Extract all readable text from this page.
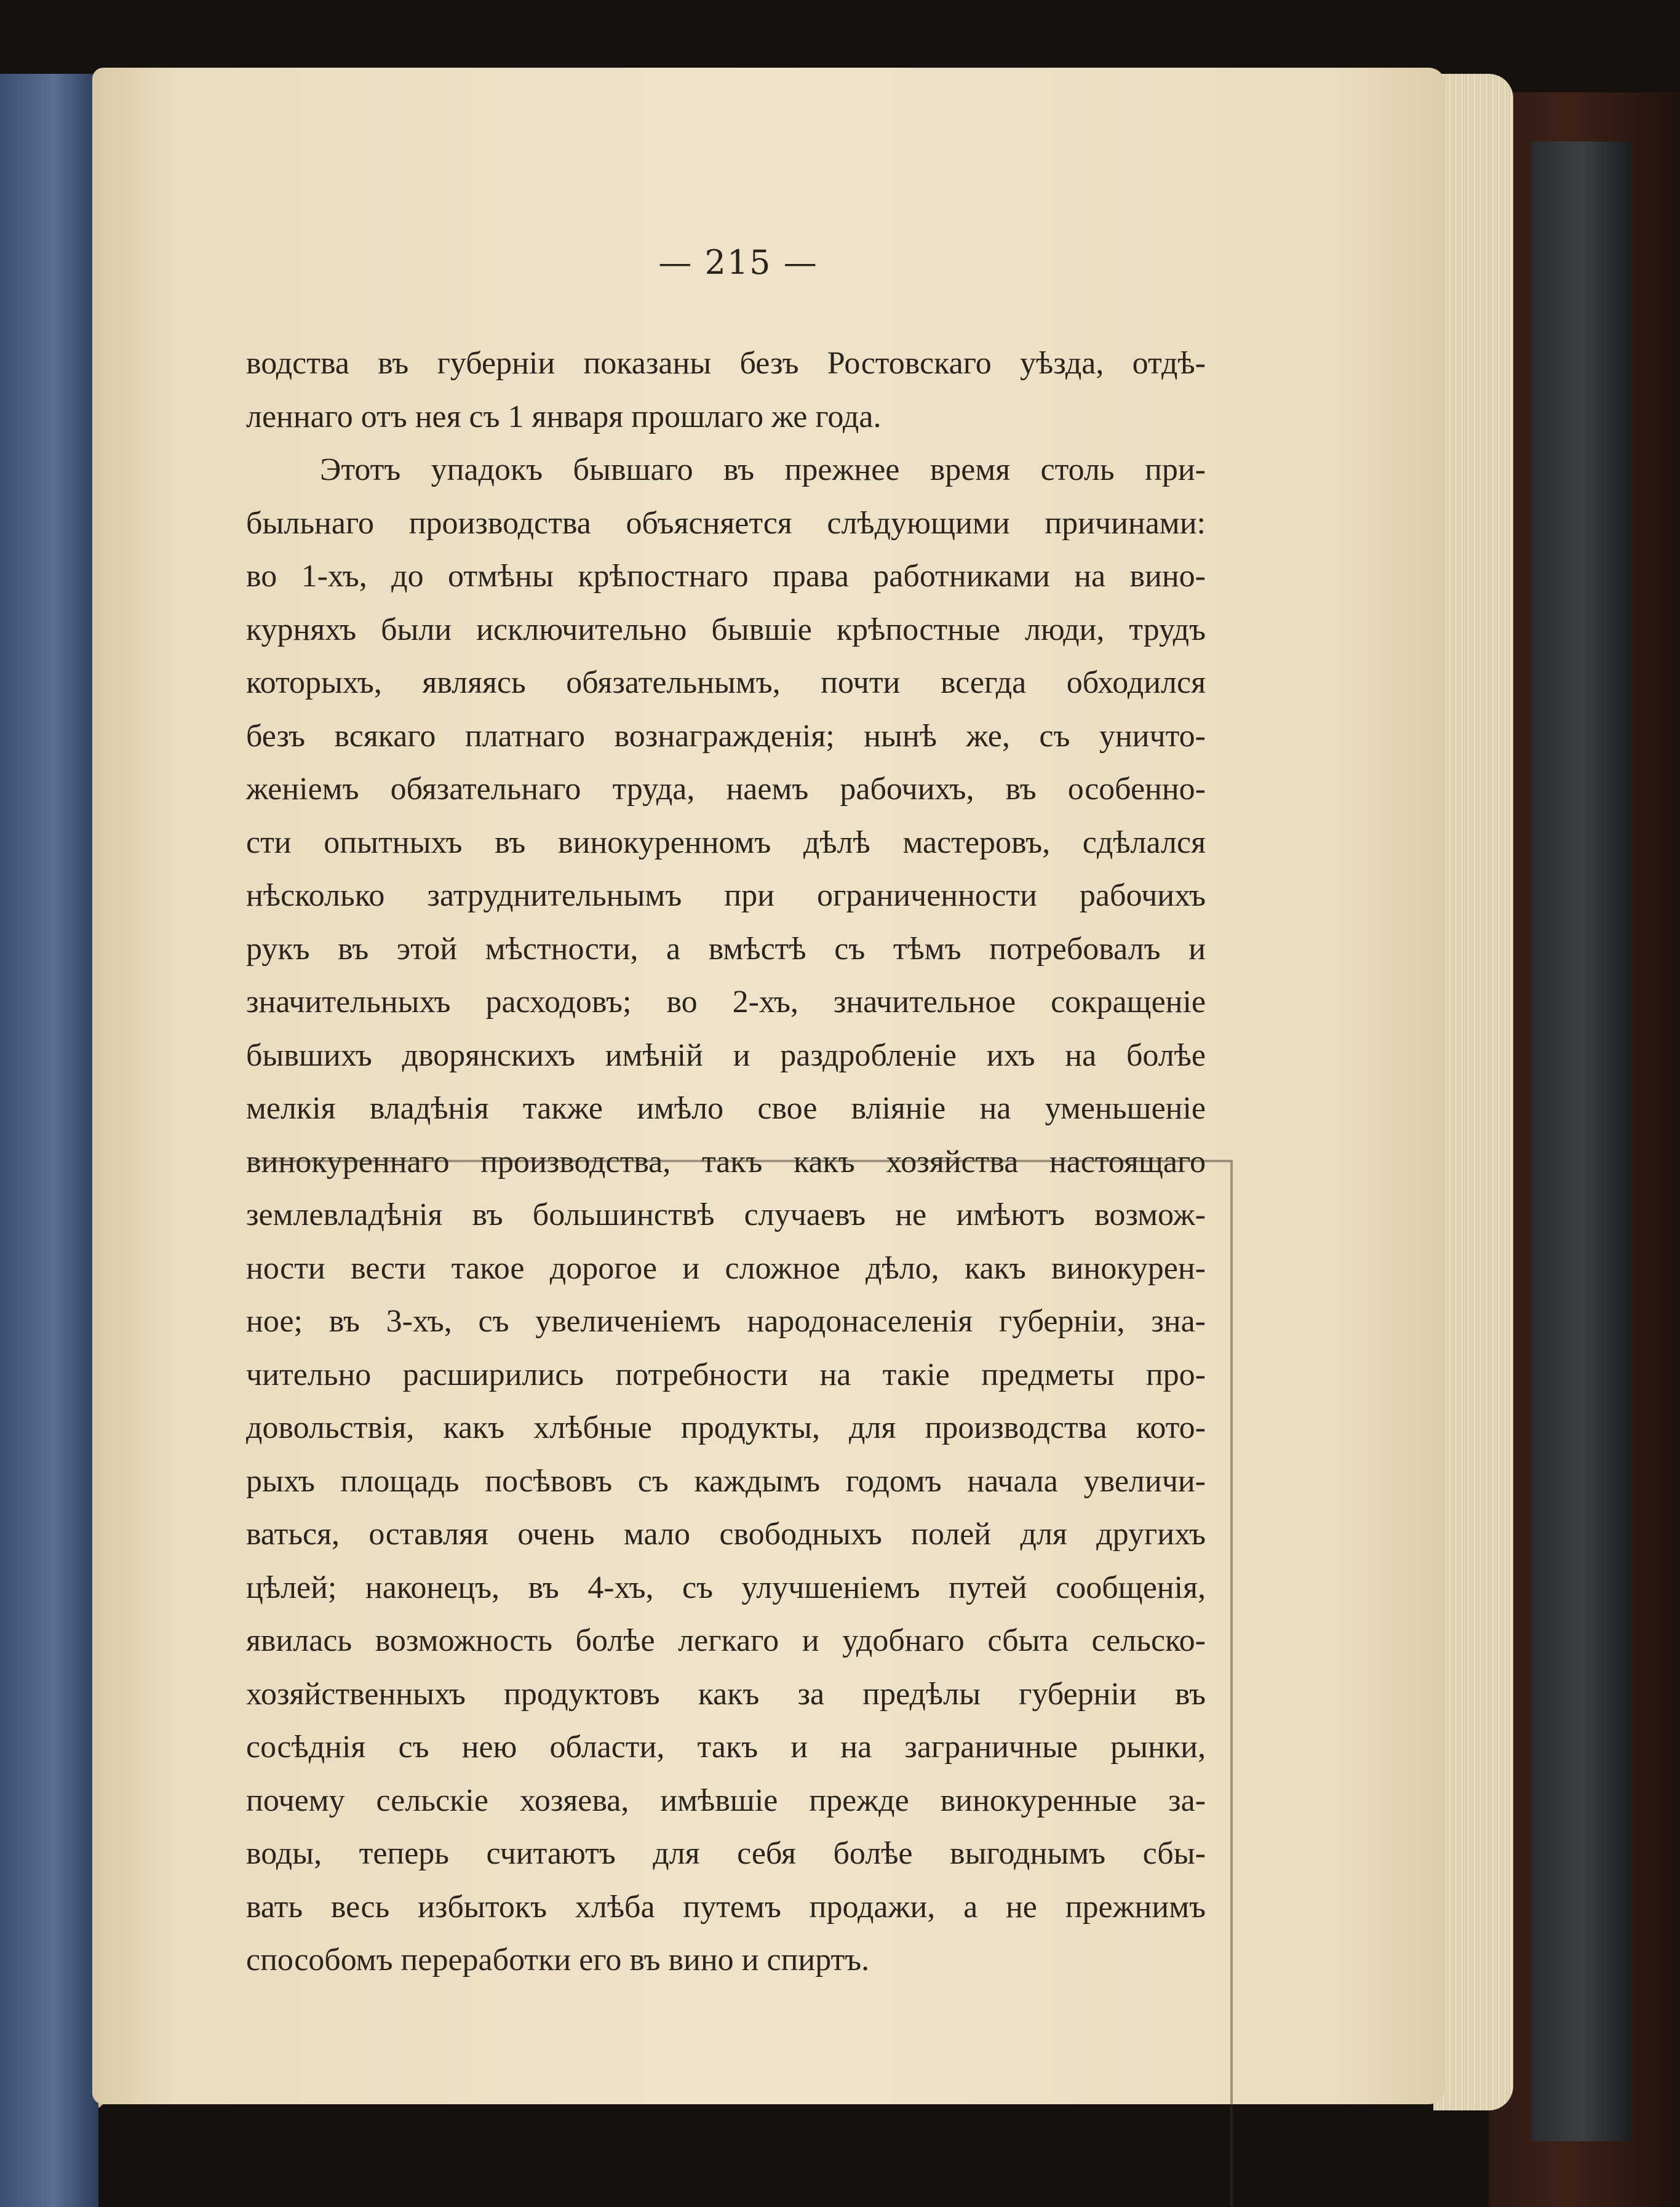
— 215 —
водства въ губерніи показаны безъ Ростовскаго уѣзда, отдѣ-
леннаго отъ нея съ 1 января прошлаго же года.
Этотъ упадокъ бывшаго въ прежнее время столь при-
быльнаго производства объясняется слѣдующими причинами:
во 1-хъ, до отмѣны крѣпостнаго права работниками на вино-
курняхъ были исключительно бывшіе крѣпостные люди, трудъ
которыхъ, являясь обязательнымъ, почти всегда обходился
безъ всякаго платнаго вознагражденія; нынѣ же, съ уничто-
женіемъ обязательнаго труда, наемъ рабочихъ, въ особенно-
сти опытныхъ въ винокуренномъ дѣлѣ мастеровъ, сдѣлался
нѣсколько затруднительнымъ при ограниченности рабочихъ
рукъ въ этой мѣстности, а вмѣстѣ съ тѣмъ потребовалъ и
значительныхъ расходовъ; во 2-хъ, значительное сокращеніе
бывшихъ дворянскихъ имѣній и раздробленіе ихъ на болѣе
мелкія владѣнія также имѣло свое вліяніе на уменьшеніе
винокуреннаго производства, такъ какъ хозяйства настоящаго
землевладѣнія въ большинствѣ случаевъ не имѣютъ возмож-
ности вести такое дорогое и сложное дѣло, какъ винокурен-
ное; въ 3-хъ, съ увеличеніемъ народонаселенія губерніи, зна-
чительно расширились потребности на такіе предметы про-
довольствія, какъ хлѣбные продукты, для производства кото-
рыхъ площадь посѣвовъ съ каждымъ годомъ начала увеличи-
ваться, оставляя очень мало свободныхъ полей для другихъ
цѣлей; наконецъ, въ 4-хъ, съ улучшеніемъ путей сообщенія,
явилась возможность болѣе легкаго и удобнаго сбыта сельско-
хозяйственныхъ продуктовъ какъ за предѣлы губерніи въ
сосѣднія съ нею области, такъ и на заграничные рынки,
почему сельскіе хозяева, имѣвшіе прежде винокуренные за-
воды, теперь считаютъ для себя болѣе выгоднымъ сбы-
вать весь избытокъ хлѣба путемъ продажи, а не прежнимъ
способомъ переработки его въ вино и спиртъ.
